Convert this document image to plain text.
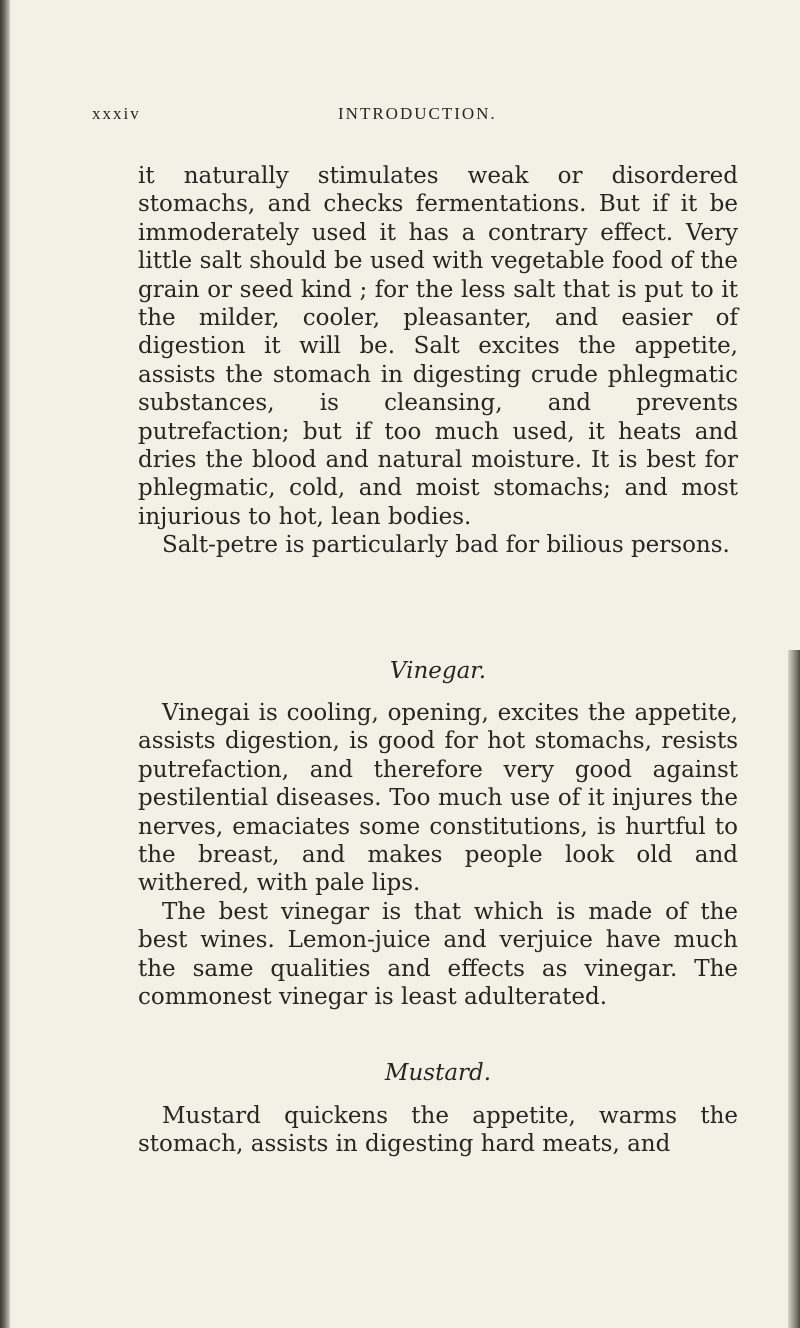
xxxiv	INTRODUCTION.

it naturally stimulates weak or disordered stomachs, and checks fermentations. But if it be immoderately used it has a contrary effect. Very little salt should be used with vegetable food of the grain or seed kind ; for the less salt that is put to it the milder, cooler, pleasanter, and easier of digestion it will be. Salt excites the appetite, assists the stomach in digesting crude phlegmatic substances, is cleansing, and prevents putrefaction; but if too much used, it heats and dries the blood and natural moisture. It is best for phlegmatic, cold, and moist stomachs; and most injurious to hot, lean bodies.

Salt-petre is particularly bad for bilious persons.

Vinegar.

Vinegai is cooling, opening, excites the appetite, assists digestion, is good for hot stomachs, resists putrefaction, and therefore very good against pestilential diseases. Too much use of it injures the nerves, emaciates some constitutions, is hurtful to the breast, and makes people look old and withered, with pale lips.

The best vinegar is that which is made of the best wines. Lemon-juice and verjuice have much the same qualities and effects as vinegar. The commonest vinegar is least adulterated.

Mustard.

Mustard quickens the appetite, warms the stomach, assists in digesting hard meats, and
